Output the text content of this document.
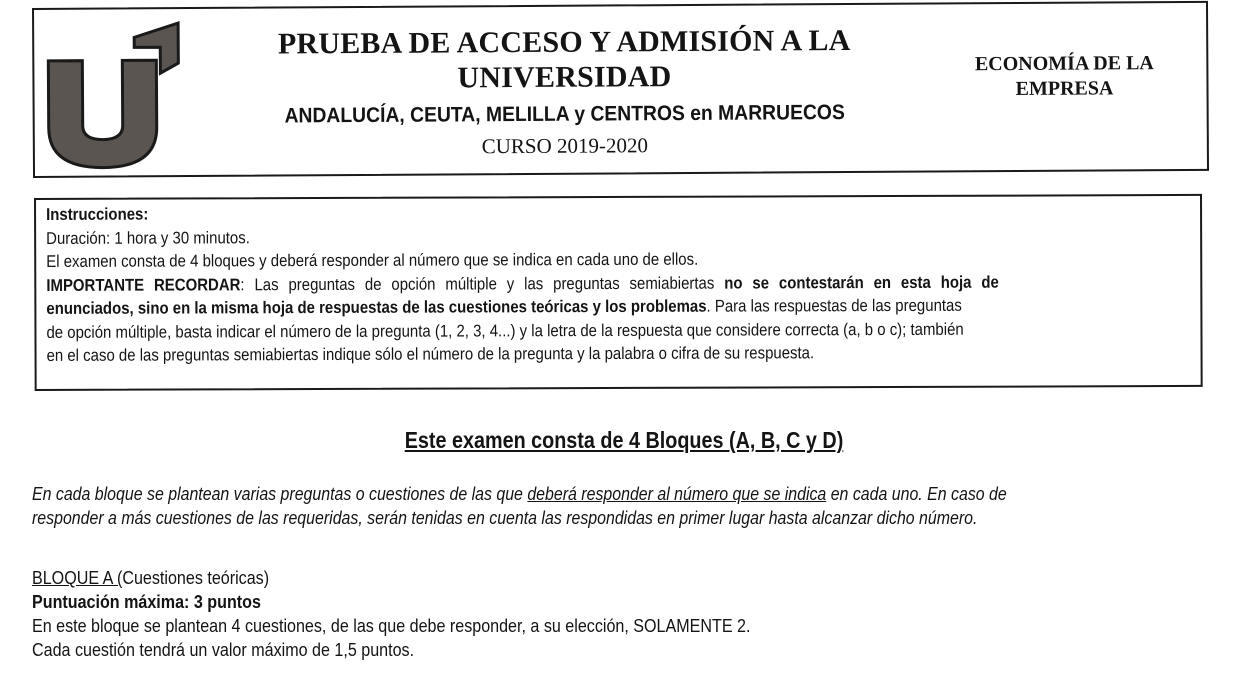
PRUEBA DE ACCESO Y ADMISIÓN A LA
UNIVERSIDAD
ANDALUCÍA, CEUTA, MELILLA y CENTROS en MARRUECOS
CURSO 2019-2020
ECONOMÍA DE LA
EMPRESA
Instrucciones:
Duración: 1 hora y 30 minutos.
El examen consta de 4 bloques y deberá responder al número que se indica en cada uno de ellos.
IMPORTANTE RECORDAR: Las preguntas de opción múltiple y las preguntas semiabiertas no se contestarán en esta hoja de
enunciados, sino en la misma hoja de respuestas de las cuestiones teóricas y los problemas. Para las respuestas de las preguntas
de opción múltiple, basta indicar el número de la pregunta (1, 2, 3, 4...) y la letra de la respuesta que considere correcta (a, b o c); también
en el caso de las preguntas semiabiertas indique sólo el número de la pregunta y la palabra o cifra de su respuesta.
Este examen consta de 4 Bloques (A, B, C y D)
En cada bloque se plantean varias preguntas o cuestiones de las que deberá responder al número que se indica en cada uno. En caso de
responder a más cuestiones de las requeridas, serán tenidas en cuenta las respondidas en primer lugar hasta alcanzar dicho número.
BLOQUE A (Cuestiones teóricas)
Puntuación máxima: 3 puntos
En este bloque se plantean 4 cuestiones, de las que debe responder, a su elección, SOLAMENTE 2.
Cada cuestión tendrá un valor máximo de 1,5 puntos.
